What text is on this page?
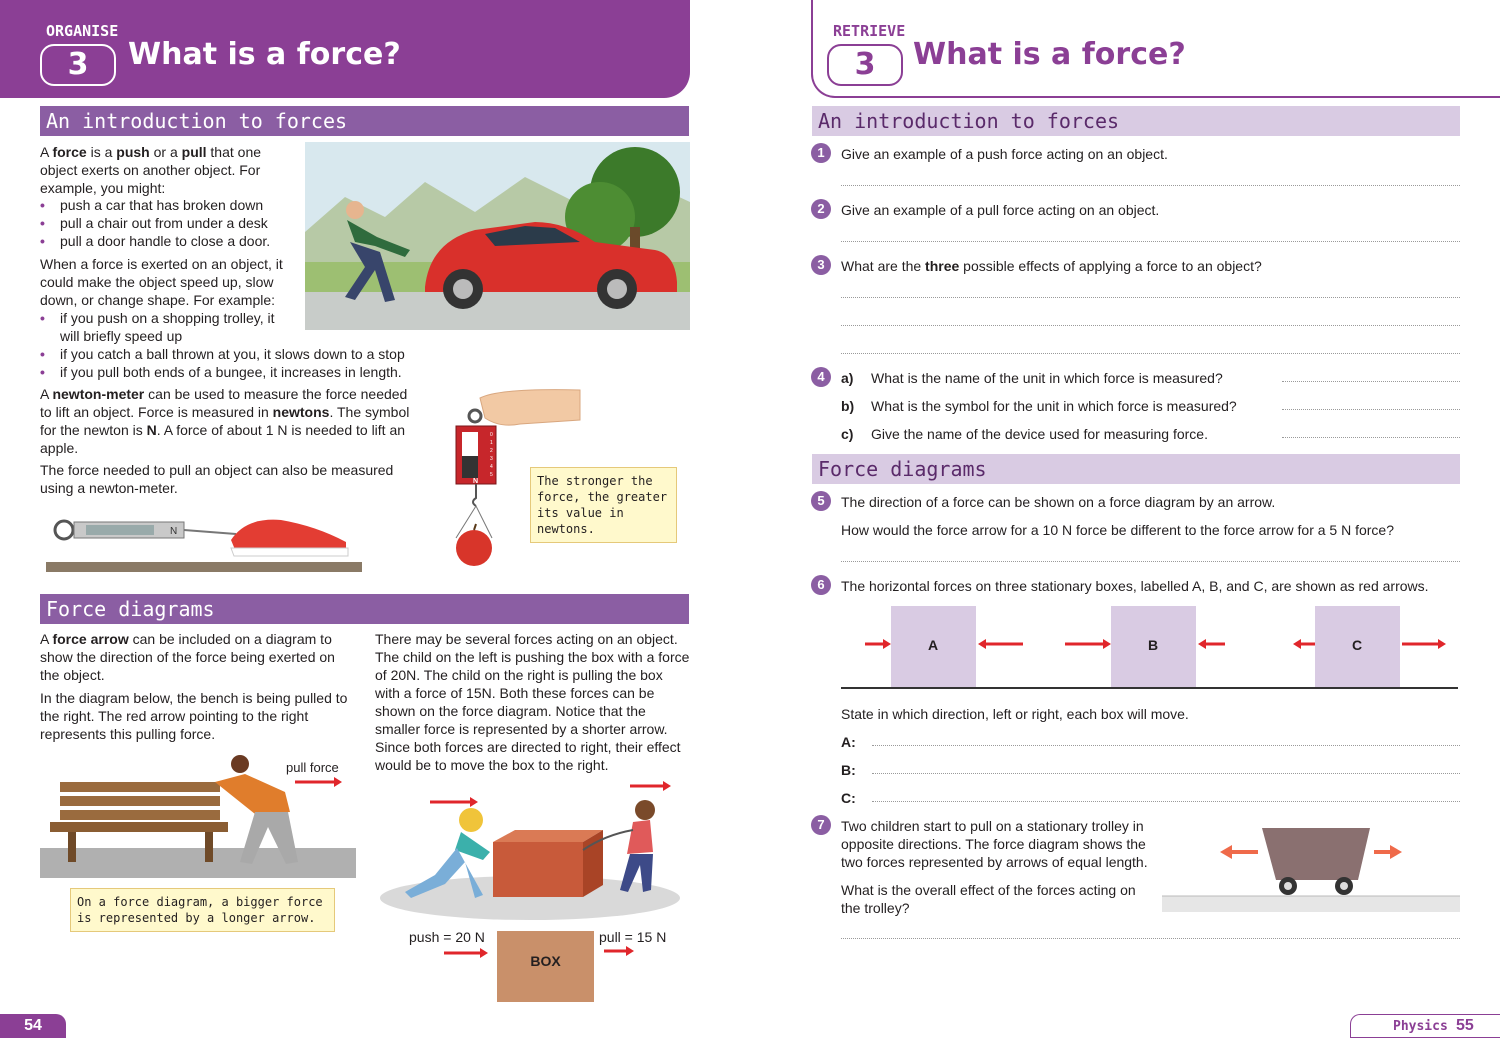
ORGANISE
3	What is a force?
An introduction to forces

A force is a push or a pull that one object exerts on another object. For example, you might:

• push a car that has broken down
• pull a chair out from under a desk
• pull a door handle to close a door.
When a force is exerted on an object, it could make the object speed up, slow down, or change shape. For example:
• if you push on a shopping trolley, it will briefly speed up
• if you catch a ball thrown at you, it slows down to a stop
• if you pull both ends of a bungee, it increases in length.
A newton-meter can be used to measure the force needed to lift an object. Force is measured in newtons. The symbol for the newton is N. A force of about 1 N is needed to lift an apple.
The force needed to pull an object can also be measured using a newton-meter.
0
1
2
3
4
5
N	The stronger the force, the greater its value in newtons.
N
Force diagrams
A force arrow can be included on a diagram to show the direction of the force being exerted on the object.
In the diagram below, the bench is being pulled to the right. The red arrow pointing to the right represents this pulling force.
pull force
On a force diagram, a bigger force is represented by a longer arrow.
There may be several forces acting on an object. The child on the left is pushing the box with a force of 20N. The child on the right is pulling the box with a force of 15N. Both these forces can be shown on the force diagram. Notice that the smaller force is represented by a shorter arrow. Since both forces are directed to right, their effect would be to move the box to the right.
push = 20 N	pull = 15 N
BOX
54
RETRIEVE
3	What is a force?
An introduction to forces
1	Give an example of a push force acting on an object.
2	Give an example of a pull force acting on an object.
3	What are the three possible effects of applying a force to an object?
4	a) What is the name of the unit in which force is measured?
b) What is the symbol for the unit in which force is measured?
c) Give the name of the device used for measuring force.
Force diagrams
5	The direction of a force can be shown on a force diagram by an arrow.
How would the force arrow for a 10 N force be different to the force arrow for a 5 N force?
6	The horizontal forces on three stationary boxes, labelled A, B, and C, are shown as red arrows.
A	B	C
State in which direction, left or right, each box will move.
A:
B:
C:
7	Two children start to pull on a stationary trolley in opposite directions. The force diagram shows the two forces represented by arrows of equal length.
What is the overall effect of the forces acting on the trolley?
Physics 55
